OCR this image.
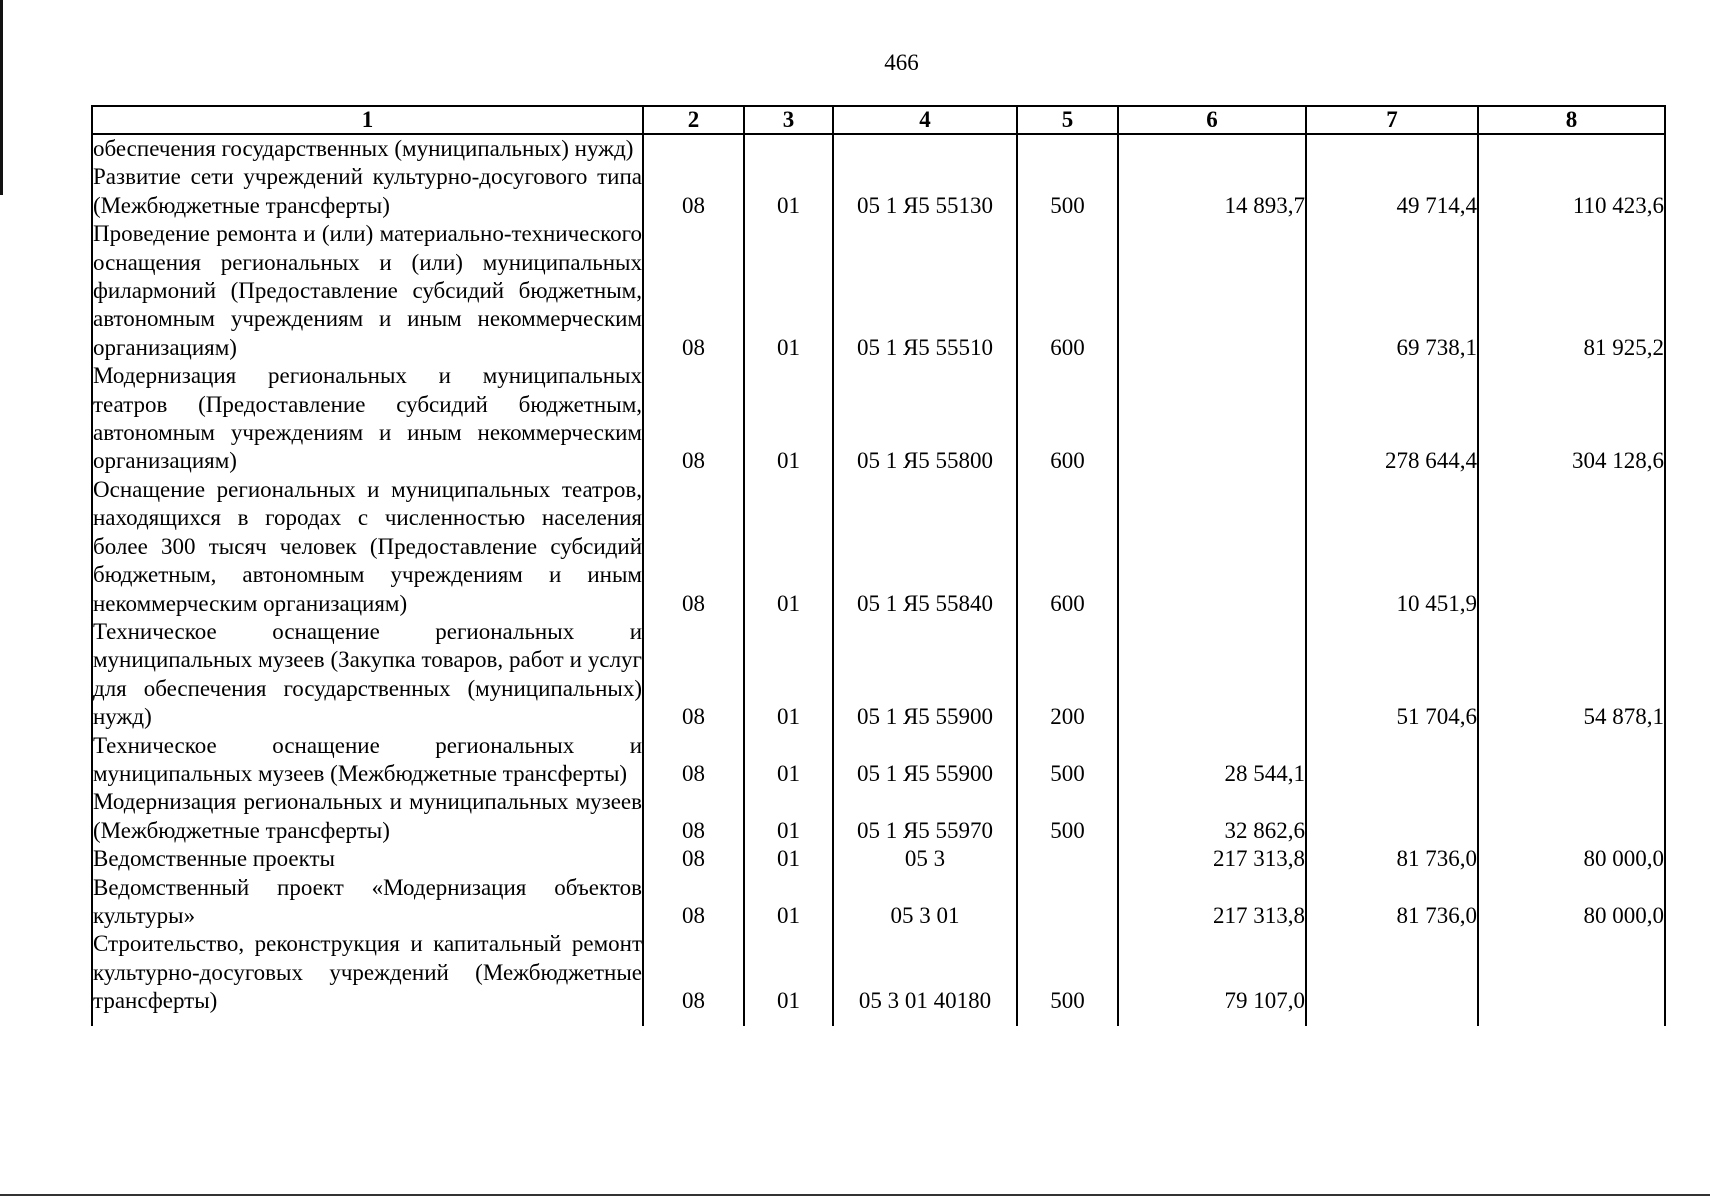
466
1	2	3	4	5	6	7	8
обеспечения государственных (муниципальных) нужд)							
Развитие сети учреждений культурно-досугового типа (Межбюджетные трансферты)	08	01	05 1 Я5 55130	500	14 893,7	49 714,4	110 423,6
Проведение ремонта и (или) материально-технического оснащения региональных и (или) муниципальных филармоний (Предоставление субсидий бюджетным, автономным учреждениям и иным некоммерческим организациям)	08	01	05 1 Я5 55510	600		69 738,1	81 925,2
Модернизация региональных и муниципальных театров (Предоставление субсидий бюджетным, автономным учреждениям и иным некоммерческим организациям)	08	01	05 1 Я5 55800	600		278 644,4	304 128,6
Оснащение региональных и муниципальных театров, находящихся в городах с численностью населения более 300 тысяч человек (Предоставление субсидий бюджетным, автономным учреждениям и иным некоммерческим организациям)	08	01	05 1 Я5 55840	600		10 451,9	
Техническое оснащение региональных и муниципальных музеев (Закупка товаров, работ и услуг для обеспечения государственных (муниципальных) нужд)	08	01	05 1 Я5 55900	200		51 704,6	54 878,1
Техническое оснащение региональных и муниципальных музеев (Межбюджетные трансферты)	08	01	05 1 Я5 55900	500	28 544,1		
Модернизация региональных и муниципальных музеев (Межбюджетные трансферты)	08	01	05 1 Я5 55970	500	32 862,6		
Ведомственные проекты	08	01	05 3		217 313,8	81 736,0	80 000,0
Ведомственный проект «Модернизация объектов культуры»	08	01	05 3 01		217 313,8	81 736,0	80 000,0
Строительство, реконструкция и капитальный ремонт культурно-досуговых учреждений (Межбюджетные трансферты)	08	01	05 3 01 40180	500	79 107,0		
